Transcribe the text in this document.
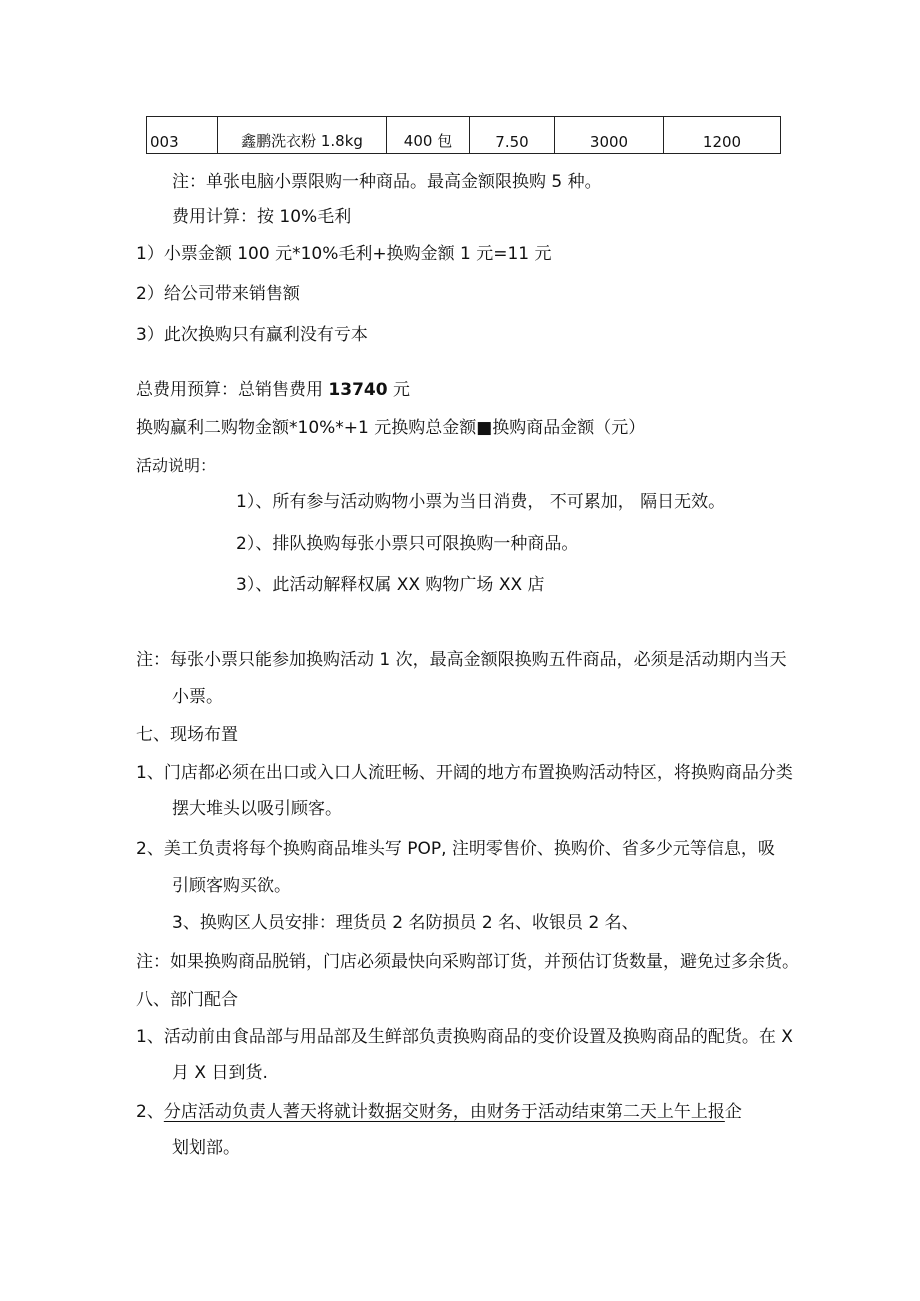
003	鑫鹏洗衣粉 1.8kg	400 包	7.50	3000	1200
注：单张电脑小票限购一种商品。最高金额限换购 5 种。
费用计算：按 10%毛利
1）小票金额 100 元*10%毛利+换购金额 1 元=11 元
2）给公司带来销售额
3）此次换购只有赢利没有亏本
总费用预算：总销售费用 13740 元
换购赢利二购物金额*10%*+1 元换购总金额■换购商品金额（元）
活动说明：
1）、所有参与活动购物小票为当日消费， 不可累加， 隔日无效。
2）、排队换购每张小票只可限换购一种商品。
3）、此活动解释权属 XX 购物广场 XX 店
注：每张小票只能参加换购活动 1 次，最高金额限换购五件商品，必须是活动期内当天
小票。
七、现场布置
1、门店都必须在出口或入口人流旺畅、开阔的地方布置换购活动特区，将换购商品分类
摆大堆头以吸引顾客。
2、美工负责将每个换购商品堆头写 POP, 注明零售价、换购价、省多少元等信息，吸
引顾客购买欲。
3、换购区人员安排：理货员 2 名防损员 2 名、收银员 2 名、
注：如果换购商品脱销，门店必须最快向采购部订货，并预估订货数量，避免过多余货。
八、部门配合
1、活动前由食品部与用品部及生鲜部负责换购商品的变价设置及换购商品的配货。在 X
月 X 日到货.
2、分店活动负责人蓍天将就计数据交财务，由财务于活动结束第二天上午上报企
划划部。
